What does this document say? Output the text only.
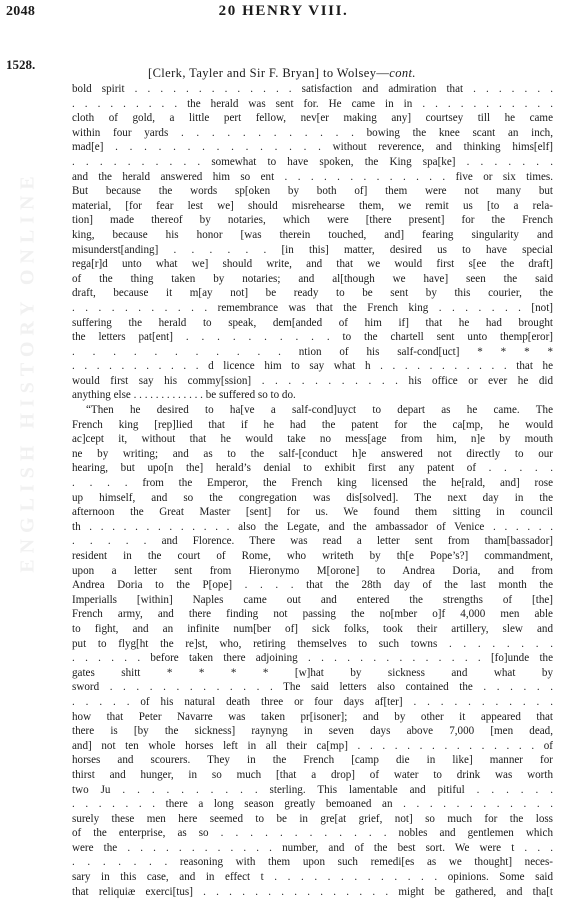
ENGLISH HISTORY ONLINE
2048	20 HENRY VIII.
1528.
[Clerk, Tayler and Sir F. Bryan] to Wolsey—cont.
bold spirit . . . . . . . . . . . . . satisfaction and admiration that . . . . . . .
. . . . . . . . . the herald was sent for. He came in in . . . . . . . . . . .
cloth of gold, a little pert fellow, nev[er making any] courtsey till he came
within four yards . . . . . . . . . . . . bowing the knee scant an inch,
mad[e] . . . . . . . . . . . . . . . without reverence, and thinking hims[elf]
. . . . . . . . . . somewhat to have spoken, the King spa[ke] . . . . . . .
and the herald answered him so ent . . . . . . . . . . . . . five or six times.
But because the words sp[oken by both of] them were not many but
material, [for fear lest we] should misrehearse them, we remit us [to a rela-
tion] made thereof by notaries, which were [there present] for the French
king, because his honor [was therein touched, and] fearing singularity and
misunderst[anding] . . . . . . [in this] matter, desired us to have special
rega[r]d unto what we] should write, and that we would first s[ee the draft]
of the thing taken by notaries; and al[though we have] seen the said
draft, because it m[ay not] be ready to be sent by this courier, the
. . . . . . . . . . . remembrance was that the French king . . . . . . . [not]
suffering the herald to speak, dem[anded of him if] that he had brought
the letters pat[ent] . . . . . . . . . . to the chartell sent unto themp[eror]
. . . . . . . . . . . ntion of his salf-cond[uct] * * * *
. . . . . . . . . . . d licence him to say what h . . . . . . . . . . . that he
would first say his commy[ssion] . . . . . . . . . . . his office or ever he did
anything else . . . . . . . . . . . . . be suffered so to do.
“Then he desired to ha[ve a salf-cond]uyct to depart as he came. The
French king [rep]lied that if he had the patent for the ca[mp, he would
ac]cept it, without that he would take no mess[age from him, n]e by mouth
ne by writing; and as to the salf-[conduct h]e answered not directly to our
hearing, but upo[n the] herald’s denial to exhibit first any patent of . . . . .
. . . . from the Emperor, the French king licensed the he[rald, and] rose
up himself, and so the congregation was dis[solved]. The next day in the
afternoon the Great Master [sent] for us. We found them sitting in council
th . . . . . . . . . . . . . also the Legate, and the ambassador of Venice . . . . . .
. . . . . and Florence. There was read a letter sent from tham[bassador]
resident in the court of Rome, who writeth by th[e Pope’s?] commandment,
upon a letter sent from Hieronymo M[orone] to Andrea Doria, and from
Andrea Doria to the P[ope] . . . . that the 28th day of the last month the
Imperialls [within] Naples came out and entered the strengths of [the]
French army, and there finding not passing the no[mber o]f 4,000 men able
to fight, and an infinite num[ber of] sick folks, took their artillery, slew and
put to flyg[ht the re]st, who, retiring themselves to such towns . . . . . . . .
. . . . . . before taken there adjoining . . . . . . . . . . . . . . [fo]unde the
gates shitt * * * * [w]hat by sickness and what by
sword . . . . . . . . . . . . . The said letters also contained the . . . . . .
. . . . . of his natural death three or four days af[ter] . . . . . . . . . . .
how that Peter Navarre was taken pr[isoner]; and by other it appeared that
there is [by the sickness] raynyng in seven days above 7,000 [men dead,
and] not ten whole horses left in all their ca[mp] . . . . . . . . . . . . . . . of
horses and scourers. They in the French [camp die in like] manner for
thirst and hunger, in so much [that a drop] of water to drink was worth
two Ju . . . . . . . . . . sterling. This lamentable and pitiful . . . . . .
. . . . . . . there a long season greatly bemoaned an . . . . . . . . . . . .
surely these men here seemed to be in gre[at grief, not] so much for the loss
of the enterprise, as so . . . . . . . . . . . . nobles and gentlemen which
were the . . . . . . . . . . . . number, and of the best sort. We were t . . .
. . . . . . . reasoning with them upon such remedi[es as we thought] neces-
sary in this case, and in effect t . . . . . . . . . . . . . opinions. Some said
that reliquiæ exerci[tus] . . . . . . . . . . . . . . . might be gathered, and tha[t
